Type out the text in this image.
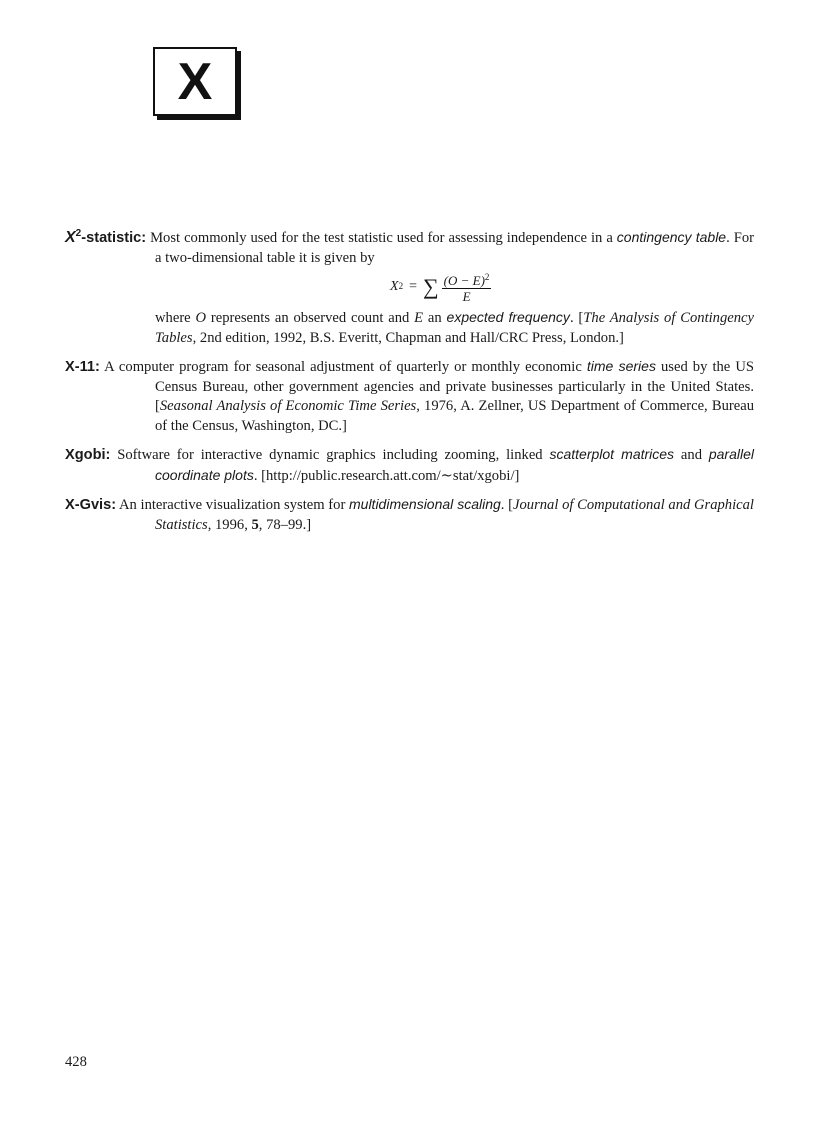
X

$X^2$-statistic: Most commonly used for the test statistic used for assessing independence in a contingency table. For a two-dimensional table it is given by

X 2 = ∑ $\frac{(O - E)^2}{E}$

where O represents an observed count and E an expected frequency. [The Analysis of Contingency Tables, 2nd edition, 1992, B.S. Everitt, Chapman and Hall/CRC Press, London.]

X-11: A computer program for seasonal adjustment of quarterly or monthly economic time series used by the US Census Bureau, other government agencies and private businesses particularly in the United States. [Seasonal Analysis of Economic Time Series, 1976, A. Zellner, US Department of Commerce, Bureau of the Census, Washington, DC.]

Xgobi: Software for interactive dynamic graphics including zooming, linked scatterplot matrices and parallel coordinate plots. [http://public.research.att.com/∼stat/xgobi/]

X-Gvis: An interactive visualization system for multidimensional scaling. [Journal of Computational and Graphical Statistics, 1996, 5, 78–99.]

428
